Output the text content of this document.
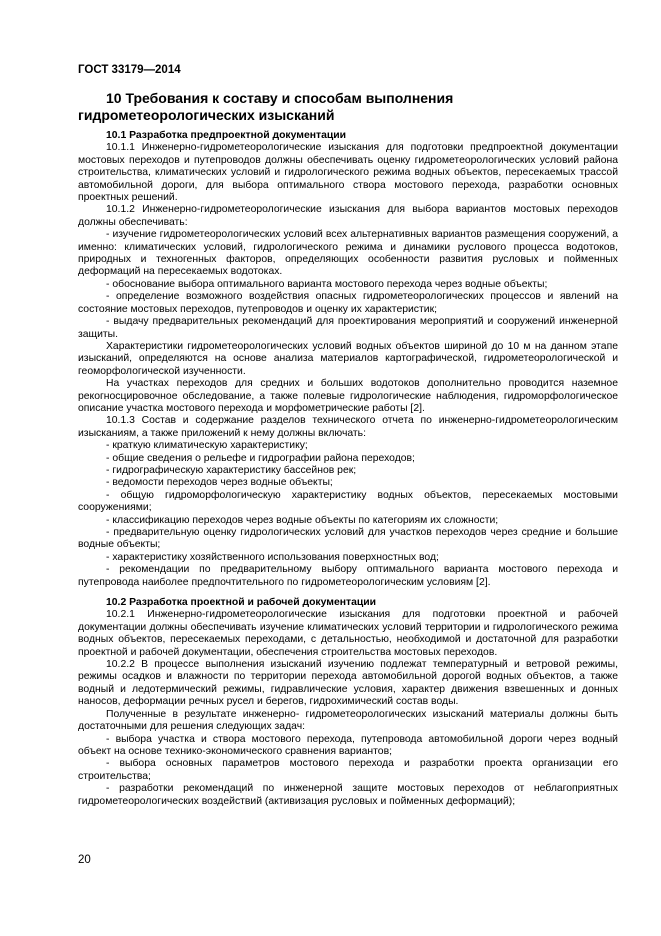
ГОСТ 33179—2014
10 Требования к составу и способам выполнения гидрометеорологических изысканий

10.1 Разработка предпроектной документации

10.1.1 Инженерно-гидрометеорологические изыскания для подготовки предпроектной документации мостовых переходов и путепроводов должны обеспечивать оценку гидрометеорологических условий района строительства, климатических условий и гидрологического режима водных объектов, пересекаемых трассой автомобильной дороги, для выбора оптимального створа мостового перехода, разработки основных проектных решений.

10.1.2 Инженерно-гидрометеорологические изыскания для выбора вариантов мостовых переходов должны обеспечивать:

- изучение гидрометеорологических условий всех альтернативных вариантов размещения сооружений, а именно: климатических условий, гидрологического режима и динамики руслового процесса водотоков, природных и техногенных факторов, определяющих особенности развития русловых и пойменных деформаций на пересекаемых водотоках.

- обоснование выбора оптимального варианта мостового перехода через водные объекты;

- определение возможного воздействия опасных гидрометеорологических процессов и явлений на состояние мостовых переходов, путепроводов и оценку их характеристик;

- выдачу предварительных рекомендаций для проектирования мероприятий и сооружений инженерной защиты.

Характеристики гидрометеорологических условий водных объектов шириной до 10 м на данном этапе изысканий, определяются на основе анализа материалов картографической, гидрометеорологической и геоморфологической изученности.

На участках переходов для средних и больших водотоков дополнительно проводится наземное рекогносцировочное обследование, а также полевые гидрологические наблюдения, гидроморфологическое описание участка мостового перехода и морфометрические работы [2].

10.1.3 Состав и содержание разделов технического отчета по инженерно-гидрометеорологическим изысканиям, а также приложений к нему должны включать:

- краткую климатическую характеристику;

- общие сведения о рельефе и гидрографии района переходов;

- гидрографическую характеристику бассейнов рек;

- ведомости переходов через водные объекты;

- общую гидроморфологическую характеристику водных объектов, пересекаемых мостовыми сооружениями;

- классификацию переходов через водные объекты по категориям их сложности;

- предварительную оценку гидрологических условий для участков переходов через средние и большие водные объекты;

- характеристику хозяйственного использования поверхностных вод;

- рекомендации по предварительному выбору оптимального варианта мостового перехода и путепровода наиболее предпочтительного по гидрометеорологическим условиям [2].

10.2 Разработка проектной и рабочей документации

10.2.1 Инженерно-гидрометеорологические изыскания для подготовки проектной и рабочей документации должны обеспечивать изучение климатических условий территории и гидрологического режима водных объектов, пересекаемых переходами, с детальностью, необходимой и достаточной для разработки проектной и рабочей документации, обеспечения строительства мостовых переходов.

10.2.2 В процессе выполнения изысканий изучению подлежат температурный и ветровой режимы, режимы осадков и влажности по территории перехода автомобильной дорогой водных объектов, а также водный и ледотермический режимы, гидравлические условия, характер движения взвешенных и донных наносов, деформации речных русел и берегов, гидрохимический состав воды.

Полученные в результате инженерно- гидрометеорологических изысканий материалы должны быть достаточными для решения следующих задач:

- выбора участка и створа мостового перехода, путепровода автомобильной дороги через водный объект на основе технико-экономического сравнения вариантов;

- выбора основных параметров мостового перехода и разработки проекта организации его строительства;

- разработки рекомендаций по инженерной защите мостовых переходов от неблагоприятных гидрометеорологических воздействий (активизация русловых и пойменных деформаций);

20
